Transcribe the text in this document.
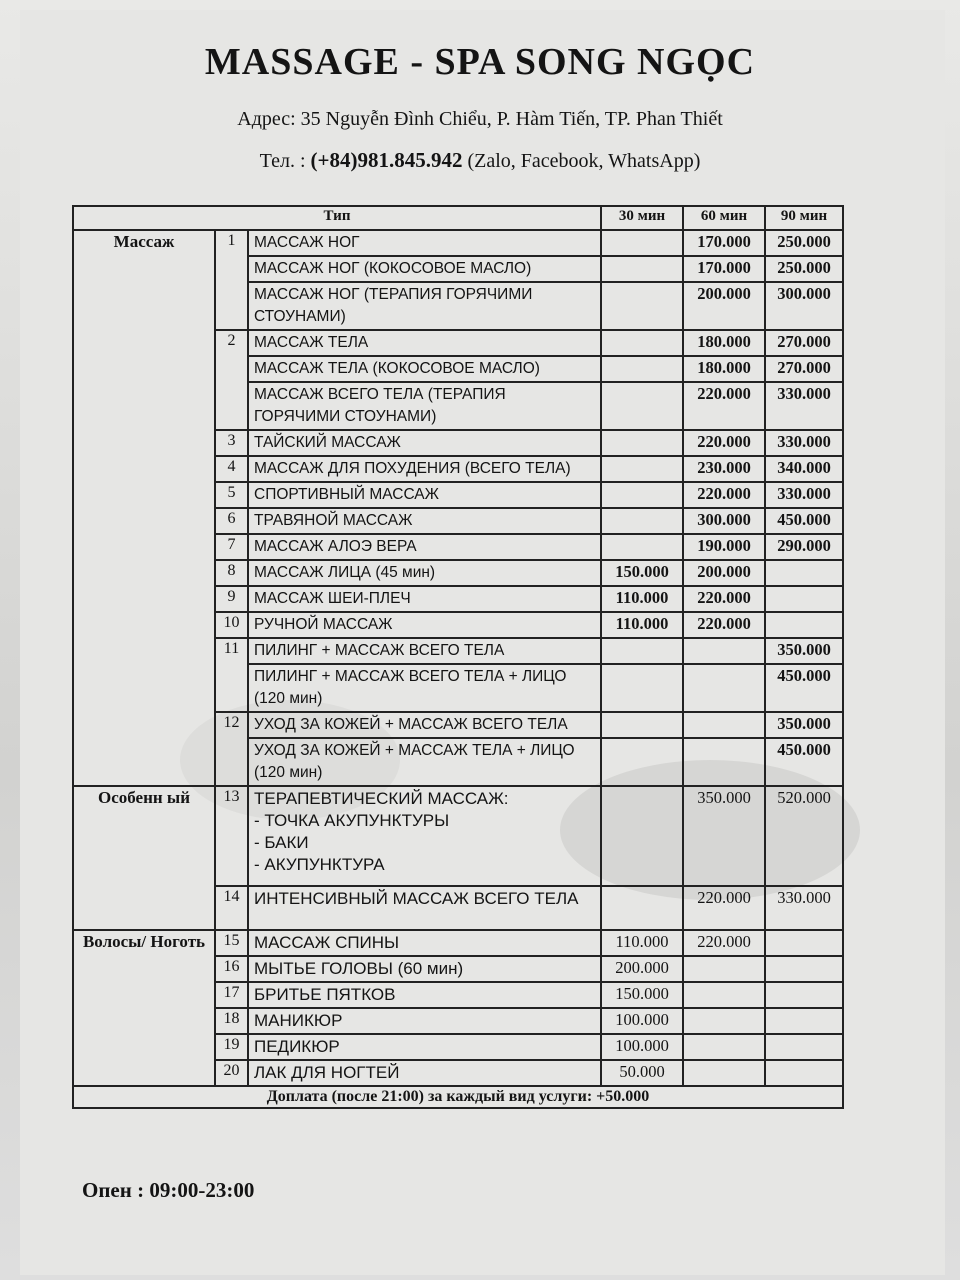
MASSAGE - SPA SONG NGỌC
Адрес: 35 Nguyễn Đình Chiểu, P. Hàm Tiến, TP. Phan Thiết
Тел. : (+84)981.845.942 (Zalo, Facebook, WhatsApp)
Тип			30 мин	60 мин	90 мин
Массаж	1	МАССАЖ НОГ		170.000	250.000
		МАССАЖ НОГ (КОКОСОВОЕ МАСЛО)		170.000	250.000
		МАССАЖ НОГ (ТЕРАПИЯ ГОРЯЧИМИ СТОУНАМИ)		200.000	300.000
	2	МАССАЖ ТЕЛА		180.000	270.000
		МАССАЖ ТЕЛА (КОКОСОВОЕ МАСЛО)		180.000	270.000
		МАССАЖ ВСЕГО ТЕЛА (ТЕРАПИЯ ГОРЯЧИМИ СТОУНАМИ)		220.000	330.000
	3	ТАЙСКИЙ МАССАЖ		220.000	330.000
	4	МАССАЖ ДЛЯ ПОХУДЕНИЯ (ВСЕГО ТЕЛА)		230.000	340.000
	5	СПОРТИВНЫЙ МАССАЖ		220.000	330.000
	6	ТРАВЯНОЙ МАССАЖ		300.000	450.000
	7	МАССАЖ АЛОЭ ВЕРА		190.000	290.000
	8	МАССАЖ ЛИЦА (45 мин)	150.000	200.000	
	9	МАССАЖ ШЕИ-ПЛЕЧ	110.000	220.000	
	10	РУЧНОЙ МАССАЖ	110.000	220.000	
	11	ПИЛИНГ + МАССАЖ ВСЕГО ТЕЛА			350.000
		ПИЛИНГ + МАССАЖ ВСЕГО ТЕЛА + ЛИЦО (120 мин)			450.000
	12	УХОД ЗА КОЖЕЙ + МАССАЖ ВСЕГО ТЕЛА			350.000
		УХОД ЗА КОЖЕЙ + МАССАЖ ТЕЛА + ЛИЦО (120 мин)			450.000
Особенн ый	13	ТЕРАПЕВТИЧЕСКИЙ МАССАЖ:
- ТОЧКА АКУПУНКТУРЫ
- БАКИ
- АКУПУНКТУРА		350.000	520.000
	14	ИНТЕНСИВНЫЙ МАССАЖ ВСЕГО ТЕЛА		220.000	330.000
Волосы/ Ноготь	15	МАССАЖ СПИНЫ	110.000	220.000	
	16	МЫТЬЕ ГОЛОВЫ (60 мин)	200.000		
	17	БРИТЬЕ ПЯТКОВ	150.000		
	18	МАНИКЮР	100.000		
	19	ПЕДИКЮР	100.000		
	20	ЛАК ДЛЯ НОГТЕЙ	50.000		
Доплата (после 21:00) за каждый вид услуги: +50.000					
Опен : 09:00-23:00
